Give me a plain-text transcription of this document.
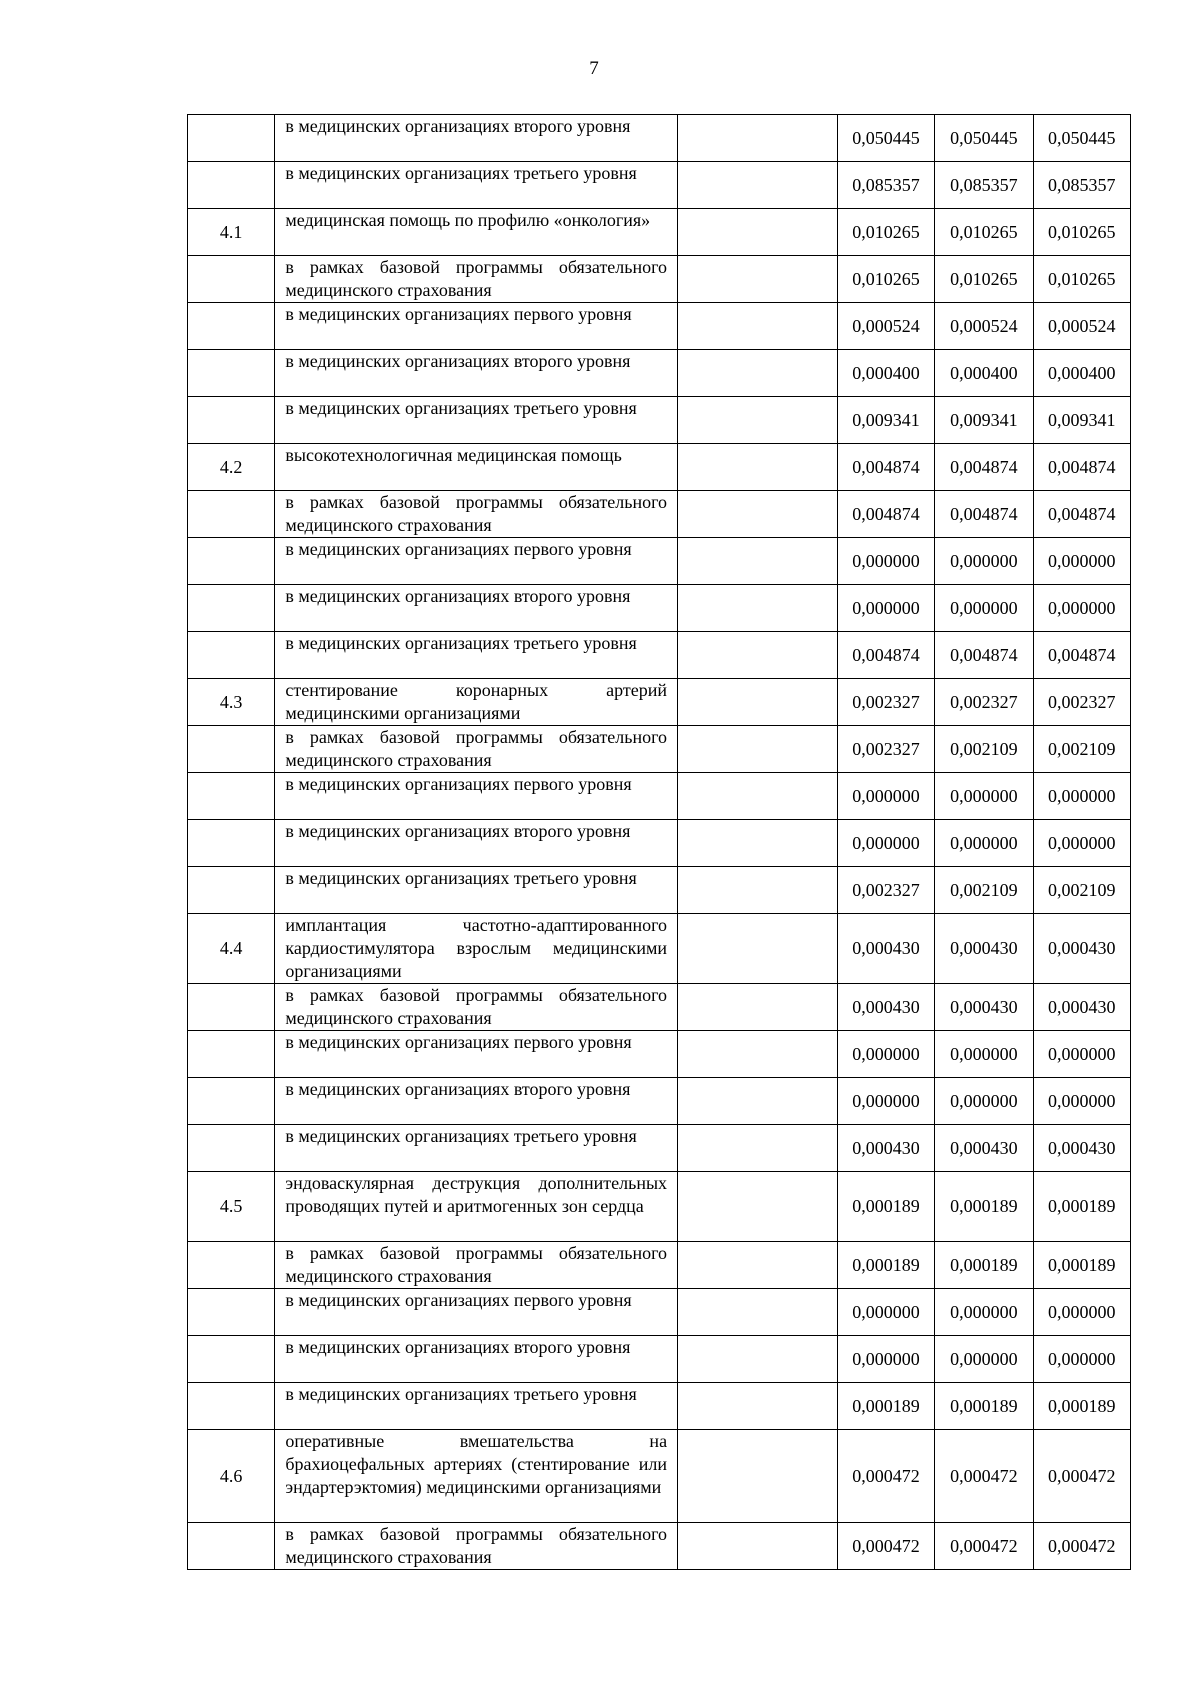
7

	в медицинских организациях второго уровня		0,050445	0,050445	0,050445

	в медицинских организациях третьего уровня		0,085357	0,085357	0,085357
4.1	медицинская помощь по профилю «онкология»		0,010265	0,010265	0,010265

	в рамках базовой программы обязательного медицинского страхования		0,010265	0,010265	0,010265

	в медицинских организациях первого уровня		0,000524	0,000524	0,000524

	в медицинских организациях второго уровня		0,000400	0,000400	0,000400

	в медицинских организациях третьего уровня		0,009341	0,009341	0,009341
4.2	высокотехнологичная медицинская помощь		0,004874	0,004874	0,004874

	в рамках базовой программы обязательного медицинского страхования		0,004874	0,004874	0,004874

	в медицинских организациях первого уровня		0,000000	0,000000	0,000000

	в медицинских организациях второго уровня		0,000000	0,000000	0,000000

	в медицинских организациях третьего уровня		0,004874	0,004874	0,004874
4.3	стентирование коронарных артерий медицинскими организациями		0,002327	0,002327	0,002327

	в рамках базовой программы обязательного медицинского страхования		0,002327	0,002109	0,002109

	в медицинских организациях первого уровня		0,000000	0,000000	0,000000

	в медицинских организациях второго уровня		0,000000	0,000000	0,000000

	в медицинских организациях третьего уровня		0,002327	0,002109	0,002109
4.4	имплантация частотно-адаптированного кардиостимулятора взрослым медицинскими организациями		0,000430	0,000430	0,000430

	в рамках базовой программы обязательного медицинского страхования		0,000430	0,000430	0,000430

	в медицинских организациях первого уровня		0,000000	0,000000	0,000000

	в медицинских организациях второго уровня		0,000000	0,000000	0,000000

	в медицинских организациях третьего уровня		0,000430	0,000430	0,000430
4.5	эндоваскулярная деструкция дополнительных проводящих путей и аритмогенных зон сердца		0,000189	0,000189	0,000189

	в рамках базовой программы обязательного медицинского страхования		0,000189	0,000189	0,000189

	в медицинских организациях первого уровня		0,000000	0,000000	0,000000

	в медицинских организациях второго уровня		0,000000	0,000000	0,000000

	в медицинских организациях третьего уровня		0,000189	0,000189	0,000189
4.6	оперативные вмешательства на брахиоцефальных артериях (стентирование или эндартерэктомия) медицинскими организациями		0,000472	0,000472	0,000472

	в рамках базовой программы обязательного медицинского страхования		0,000472	0,000472	0,000472
